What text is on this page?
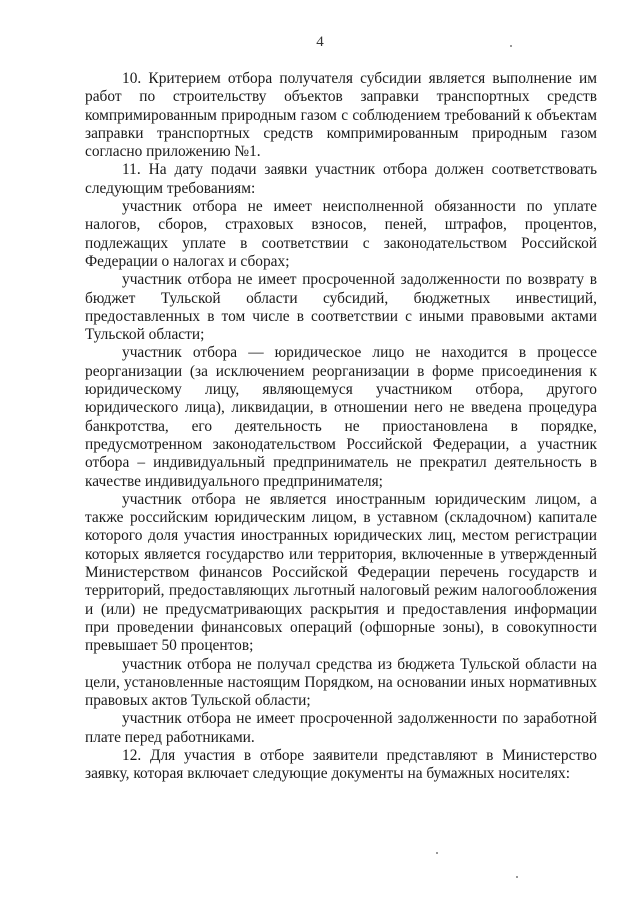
4

10. Критерием отбора получателя субсидии является выполнение им работ по строительству объектов заправки транспортных средств компримированным природным газом с соблюдением требований к объектам заправки транспортных средств компримированным природным газом согласно приложению №1.

11. На дату подачи заявки участник отбора должен соответствовать следующим требованиям:

участник отбора не имеет неисполненной обязанности по уплате налогов, сборов, страховых взносов, пеней, штрафов, процентов, подлежащих уплате в соответствии с законодательством Российской Федерации о налогах и сборах;

участник отбора не имеет просроченной задолженности по возврату в бюджет Тульской области субсидий, бюджетных инвестиций, предоставленных в том числе в соответствии с иными правовыми актами Тульской области;

участник отбора — юридическое лицо не находится в процессе реорганизации (за исключением реорганизации в форме присоединения к юридическому лицу, являющемуся участником отбора, другого юридического лица), ликвидации, в отношении него не введена процедура банкротства, его деятельность не приостановлена в порядке, предусмотренном законодательством Российской Федерации, а участник отбора – индивидуальный предприниматель не прекратил деятельность в качестве индивидуального предпринимателя;

участник отбора не является иностранным юридическим лицом, а также российским юридическим лицом, в уставном (складочном) капитале которого доля участия иностранных юридических лиц, местом регистрации которых является государство или территория, включенные в утвержденный Министерством финансов Российской Федерации перечень государств и территорий, предоставляющих льготный налоговый режим налогообложения и (или) не предусматривающих раскрытия и предоставления информации при проведении финансовых операций (офшорные зоны), в совокупности превышает 50 процентов;

участник отбора не получал средства из бюджета Тульской области на цели, установленные настоящим Порядком, на основании иных нормативных правовых актов Тульской области;

участник отбора не имеет просроченной задолженности по заработной плате перед работниками.

12. Для участия в отборе заявители представляют в Министерство заявку, которая включает следующие документы на бумажных носителях:
